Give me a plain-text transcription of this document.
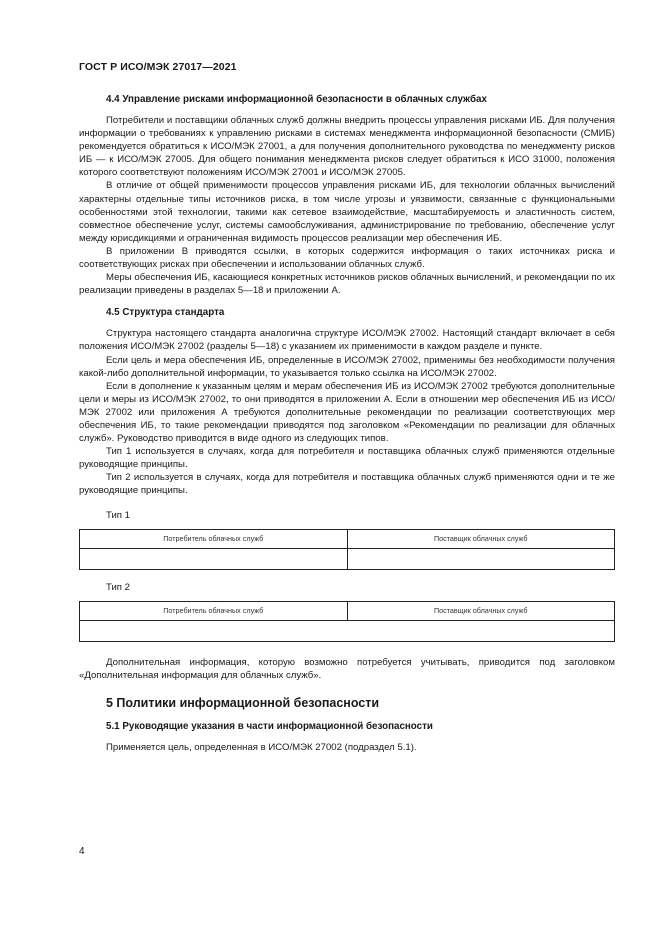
ГОСТ Р ИСО/МЭК 27017—2021
4.4 Управление рисками информационной безопасности в облачных службах

Потребители и поставщики облачных служб должны внедрить процессы управления рисками ИБ. Для получения информации о требованиях к управлению рисками в системах менеджмента информационной безопасности (СМИБ) рекомендуется обратиться к ИСО/МЭК 27001, а для получения дополнительного руководства по менеджменту рисков ИБ — к ИСО/МЭК 27005. Для общего понимания менеджмента рисков следует обратиться к ИСО 31000, положения которого соответствуют положениям ИСО/МЭК 27001 и ИСО/МЭК 27005.

В отличие от общей применимости процессов управления рисками ИБ, для технологии облачных вычислений характерны отдельные типы источников риска, в том числе угрозы и уязвимости, связанные с функциональными особенностями этой технологии, такими как сетевое взаимодействие, масштабируемость и эластичность систем, совместное обеспечение услуг, системы самообслуживания, администрирование по требованию, обеспечение услуг между юрисдикциями и ограниченная видимость процессов реализации мер обеспечения ИБ.

В приложении В приводятся ссылки, в которых содержится информация о таких источниках риска и соответствующих рисках при обеспечении и использовании облачных служб.

Меры обеспечения ИБ, касающиеся конкретных источников рисков облачных вычислений, и рекомендации по их реализации приведены в разделах 5—18 и приложении А.

4.5 Структура стандарта

Структура настоящего стандарта аналогична структуре ИСО/МЭК 27002. Настоящий стандарт включает в себя положения ИСО/МЭК 27002 (разделы 5—18) с указанием их применимости в каждом разделе и пункте.

Если цель и мера обеспечения ИБ, определенные в ИСО/МЭК 27002, применимы без необходимости получения какой-либо дополнительной информации, то указывается только ссылка на ИСО/МЭК 27002.

Если в дополнение к указанным целям и мерам обеспечения ИБ из ИСО/МЭК 27002 требуются дополнительные цели и меры из ИСО/МЭК 27002, то они приводятся в приложении А. Если в отношении мер обеспечения ИБ из ИСО/МЭК 27002 или приложения А требуются дополнительные рекомендации по реализации соответствующих мер обеспечения ИБ, то такие рекомендации приводятся под заголовком «Рекомендации по реализации для облачных служб». Руководство приводится в виде одного из следующих типов.

Тип 1 используется в случаях, когда для потребителя и поставщика облачных служб применяются отдельные руководящие принципы.

Тип 2 используется в случаях, когда для потребителя и поставщика облачных служб применяются одни и те же руководящие принципы.

Тип 1
Потребитель облачных служб	Поставщик облачных служб

Тип 2
Потребитель облачных служб	Поставщик облачных служб

Дополнительная информация, которую возможно потребуется учитывать, приводится под заголовком «Дополнительная информация для облачных служб».

5 Политики информационной безопасности
5.1 Руководящие указания в части информационной безопасности

Применяется цель, определенная в ИСО/МЭК 27002 (подраздел 5.1).

4
